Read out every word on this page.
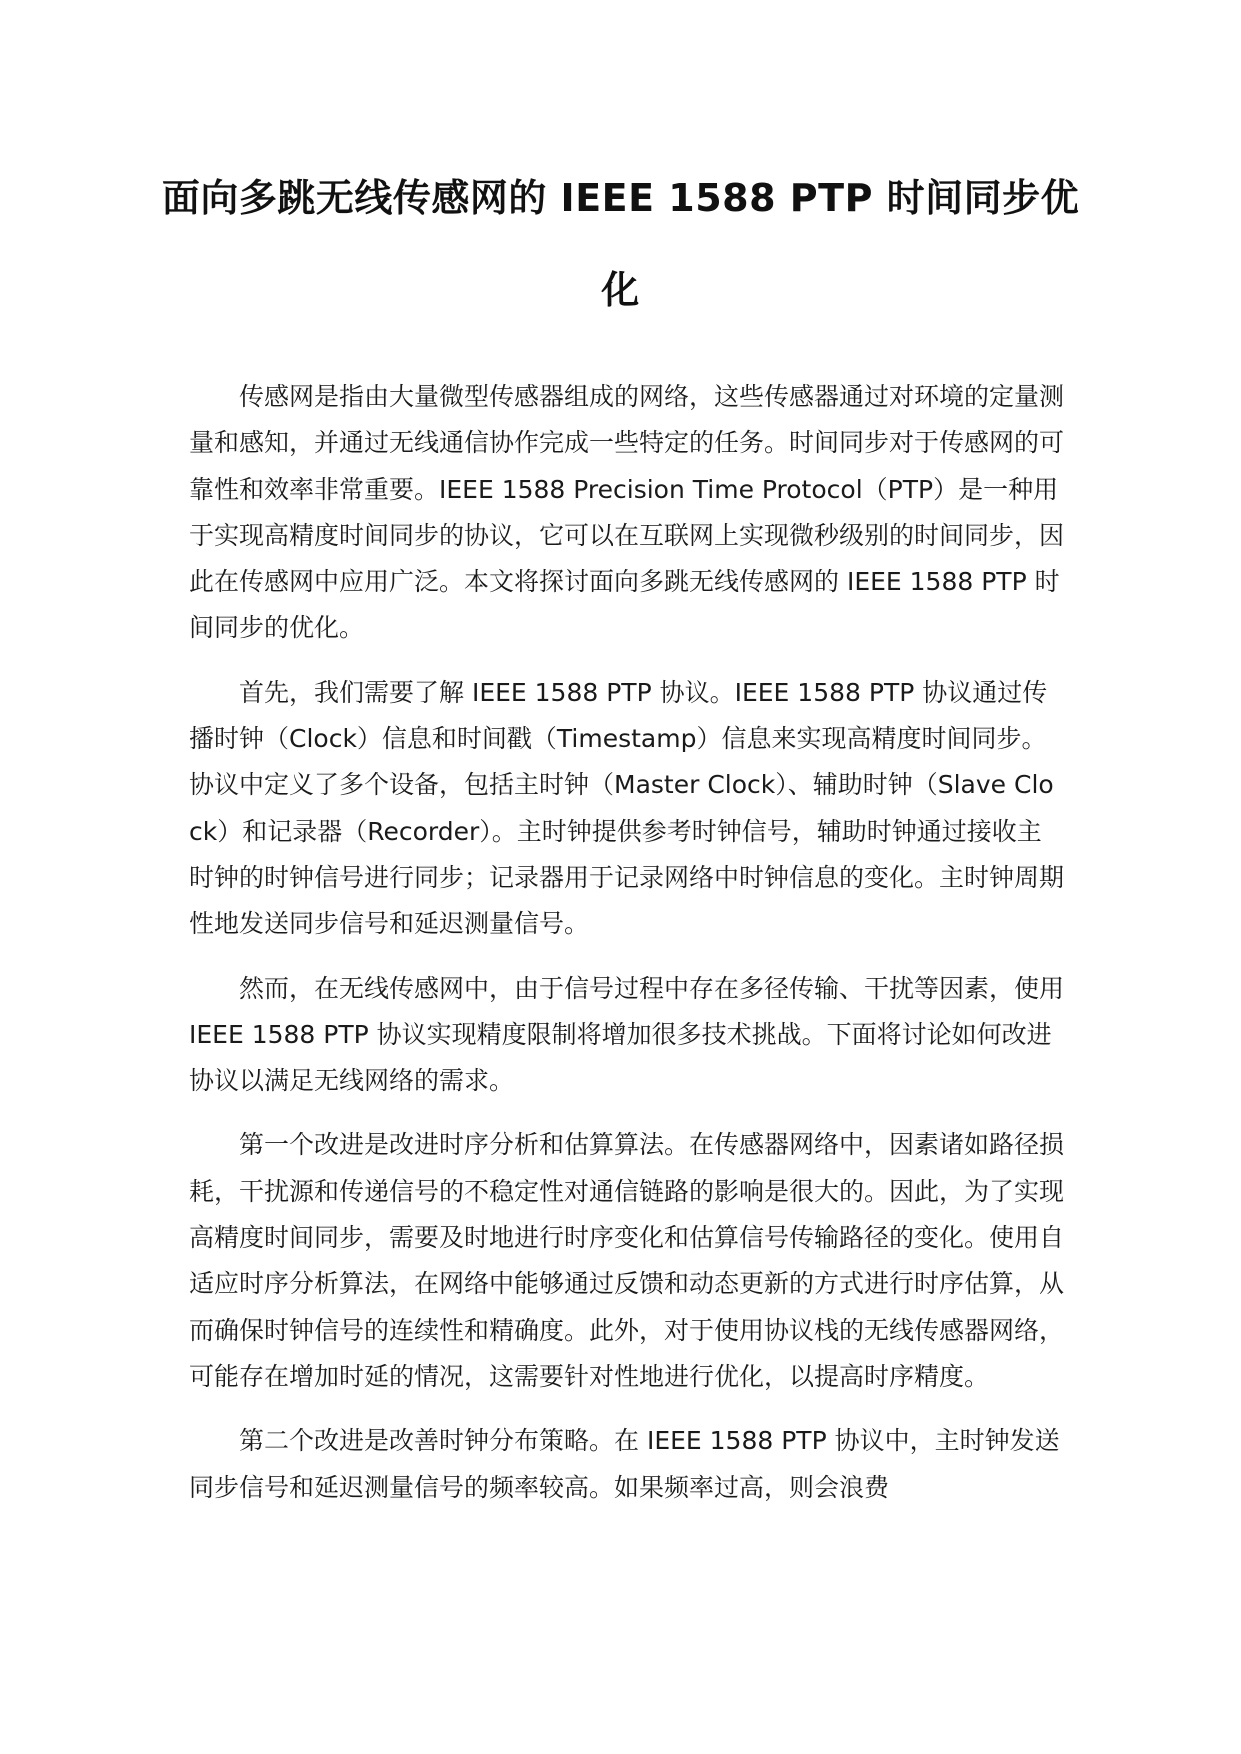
面向多跳无线传感网的 IEEE 1588 PTP 时间同步优化

传感网是指由大量微型传感器组成的网络，这些传感器通过对环境的定量测量和感知，并通过无线通信协作完成一些特定的任务。时间同步对于传感网的可靠性和效率非常重要。IEEE 1588 Precision Time Protocol（PTP）是一种用于实现高精度时间同步的协议，它可以在互联网上实现微秒级别的时间同步，因此在传感网中应用广泛。本文将探讨面向多跳无线传感网的 IEEE 1588 PTP 时间同步的优化。

首先，我们需要了解 IEEE 1588 PTP 协议。IEEE 1588 PTP 协议通过传播时钟（Clock）信息和时间戳（Timestamp）信息来实现高精度时间同步。协议中定义了多个设备，包括主时钟（Master Clock）、辅助时钟（Slave Clock）和记录器（Recorder）。主时钟提供参考时钟信号，辅助时钟通过接收主时钟的时钟信号进行同步；记录器用于记录网络中时钟信息的变化。主时钟周期性地发送同步信号和延迟测量信号。

然而，在无线传感网中，由于信号过程中存在多径传输、干扰等因素，使用 IEEE 1588 PTP 协议实现精度限制将增加很多技术挑战。下面将讨论如何改进协议以满足无线网络的需求。

第一个改进是改进时序分析和估算算法。在传感器网络中，因素诸如路径损耗，干扰源和传递信号的不稳定性对通信链路的影响是很大的。因此，为了实现高精度时间同步，需要及时地进行时序变化和估算信号传输路径的变化。使用自适应时序分析算法，在网络中能够通过反馈和动态更新的方式进行时序估算，从而确保时钟信号的连续性和精确度。此外，对于使用协议栈的无线传感器网络，可能存在增加时延的情况，这需要针对性地进行优化，以提高时序精度。

第二个改进是改善时钟分布策略。在 IEEE 1588 PTP 协议中，主时钟发送同步信号和延迟测量信号的频率较高。如果频率过高，则会浪费
